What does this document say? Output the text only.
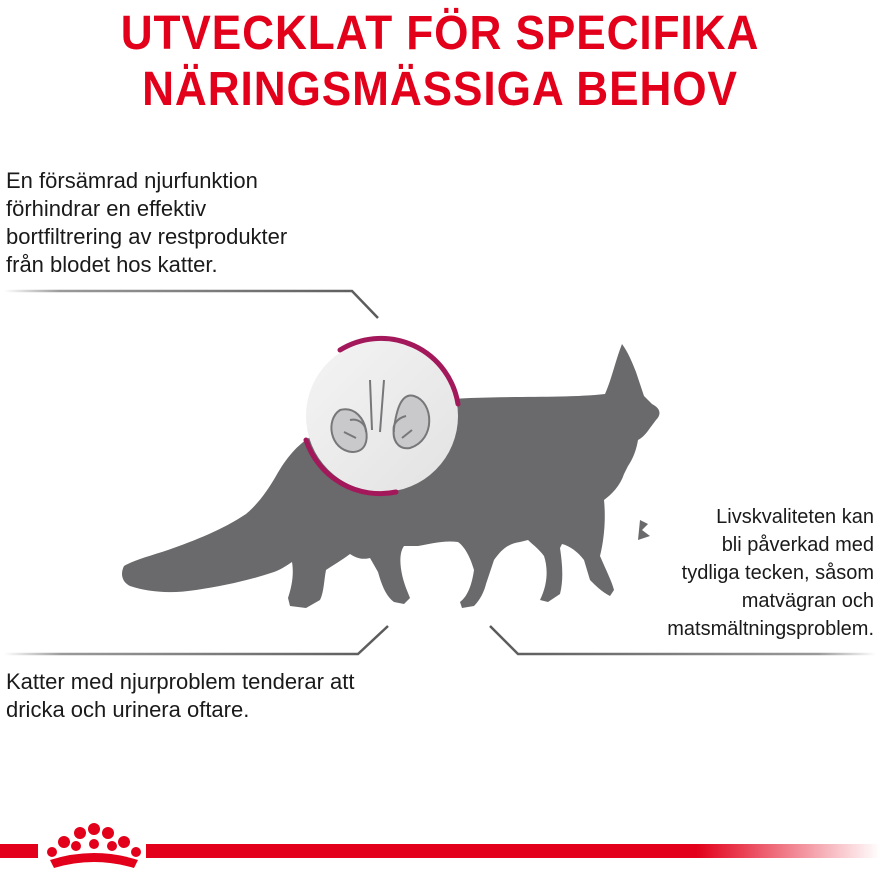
UTVECKLAT FÖR SPECIFIKA
NÄRINGSMÄSSIGA BEHOV

En försämrad njurfunktion
förhindrar en effektiv
bortfiltrering av restprodukter
från blodet hos katter.

Katter med njurproblem tenderar att
dricka och urinera oftare.

Livskvaliteten kan
bli påverkad med
tydliga tecken, såsom
matvägran och
matsmältningsproblem.
